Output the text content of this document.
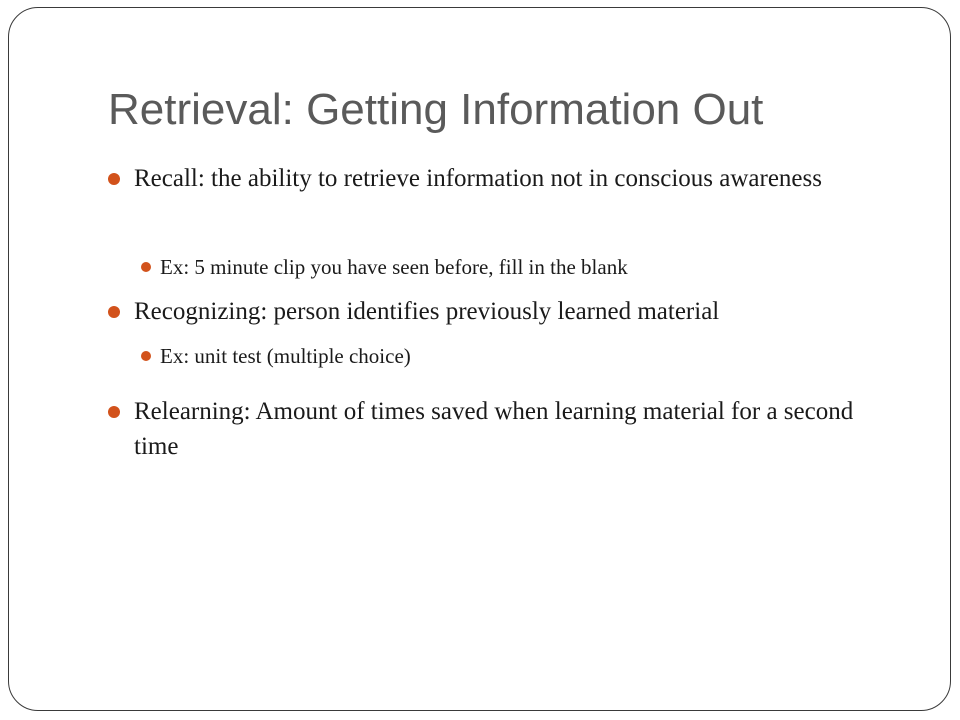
Retrieval: Getting Information Out
Recall: the ability to retrieve information not in conscious awareness
Ex: 5 minute clip you have seen before, fill in the blank
Recognizing: person identifies previously learned material
Ex: unit test (multiple choice)
Relearning: Amount of times saved when learning material for a second time
